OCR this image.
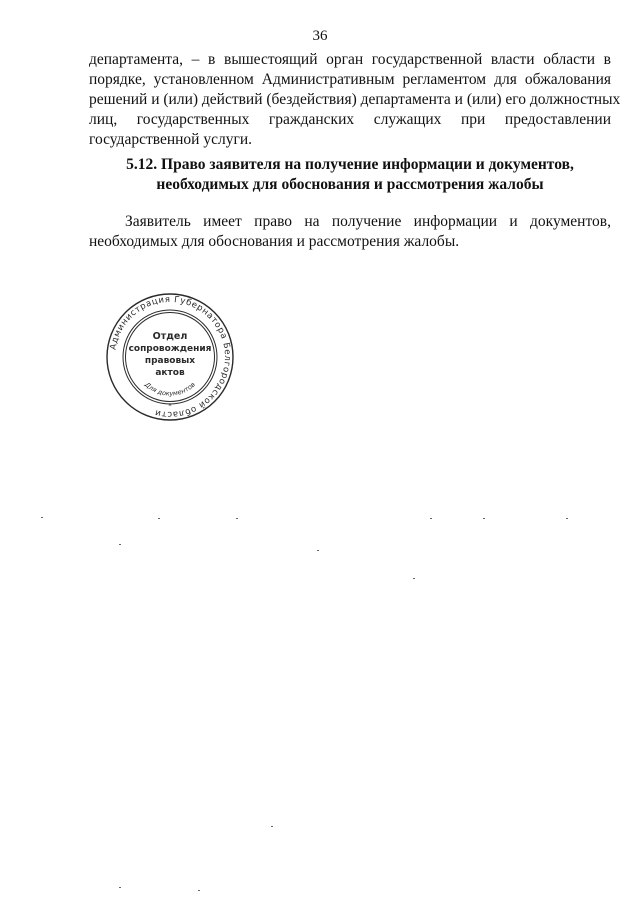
36
департамента, – в вышестоящий орган государственной власти области в
порядке, установленном Административным регламентом для обжалования
решений и (или) действий (бездействия) департамента и (или) его должностных
лиц, государственных гражданских служащих при предоставлении
государственной услуги.
5.12. Право заявителя на получение информации и документов,
необходимых для обоснования и рассмотрения жалобы
Заявитель имеет право на получение информации и документов,
необходимых для обоснования и рассмотрения жалобы.
Администрация Губернатора Белгородской области
Отдел
сопровождения
правовых
актов
Для документов
*
